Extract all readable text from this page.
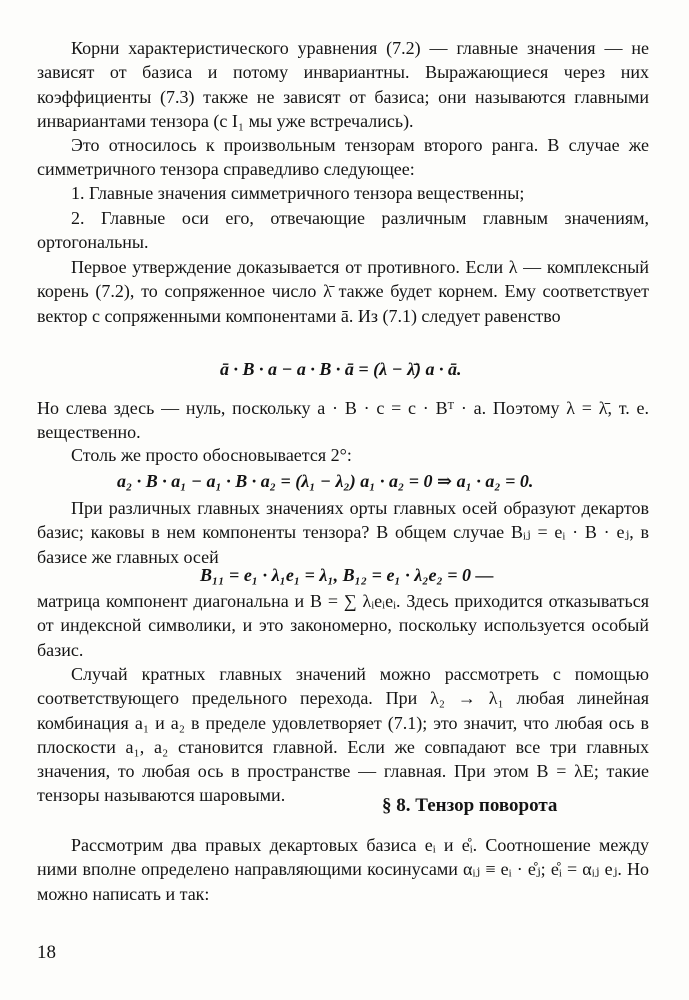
Корни характеристического уравнения (7.2) — главные значения — не зависят от базиса и потому инвариантны. Выражающиеся через них коэффициенты (7.3) также не зависят от базиса; они называются главными инвариантами тензора (с I₁ мы уже встречались).

Это относилось к произвольным тензорам второго ранга. В случае же симметричного тензора справедливо следующее:

1. Главные значения симметричного тензора вещественны;

2. Главные оси его, отвечающие различным главным значениям, ортогональны.

Первое утверждение доказывается от противного. Если λ — комплексный корень (7.2), то сопряженное число λ̄ также будет корнем. Ему соответствует вектор с сопряженными компонентами ā. Из (7.1) следует равенство

ā · B · a − a · B · ā = (λ − λ̄) a · ā.

Но слева здесь — нуль, поскольку a · B · c = c · Bᵀ · a. Поэтому λ = λ̄, т. е. вещественно.

Столь же просто обосновывается 2°:

a₂ · B · a₁ − a₁ · B · a₂ = (λ₁ − λ₂) a₁ · a₂ = 0 ⇒ a₁ · a₂ = 0.

При различных главных значениях орты главных осей образуют декартов базис; каковы в нем компоненты тензора? В общем случае Bᵢⱼ = eᵢ · B · eⱼ, в базисе же главных осей

B₁₁ = e₁ · λ₁e₁ = λ₁, B₁₂ = e₁ · λ₂e₂ = 0 —

матрица компонент диагональна и B = ∑ λᵢeᵢeᵢ. Здесь приходится отказываться от индексной символики, и это закономерно, поскольку используется особый базис.

Случай кратных главных значений можно рассмотреть с помощью соответствующего предельного перехода. При λ₂ → λ₁ любая линейная комбинация a₁ и a₂ в пределе удовлетворяет (7.1); это значит, что любая ось в плоскости a₁, a₂ становится главной. Если же совпадают все три главных значения, то любая ось в пространстве — главная. При этом B = λE; такие тензоры называются шаровыми.	§ 8. Тензор поворота

Рассмотрим два правых декартовых базиса eᵢ и e̊ᵢ. Соотношение между ними вполне определено направляющими косинусами αᵢⱼ ≡ eᵢ · e̊ⱼ; e̊ᵢ = αᵢⱼ eⱼ. Но можно написать и так:

18
